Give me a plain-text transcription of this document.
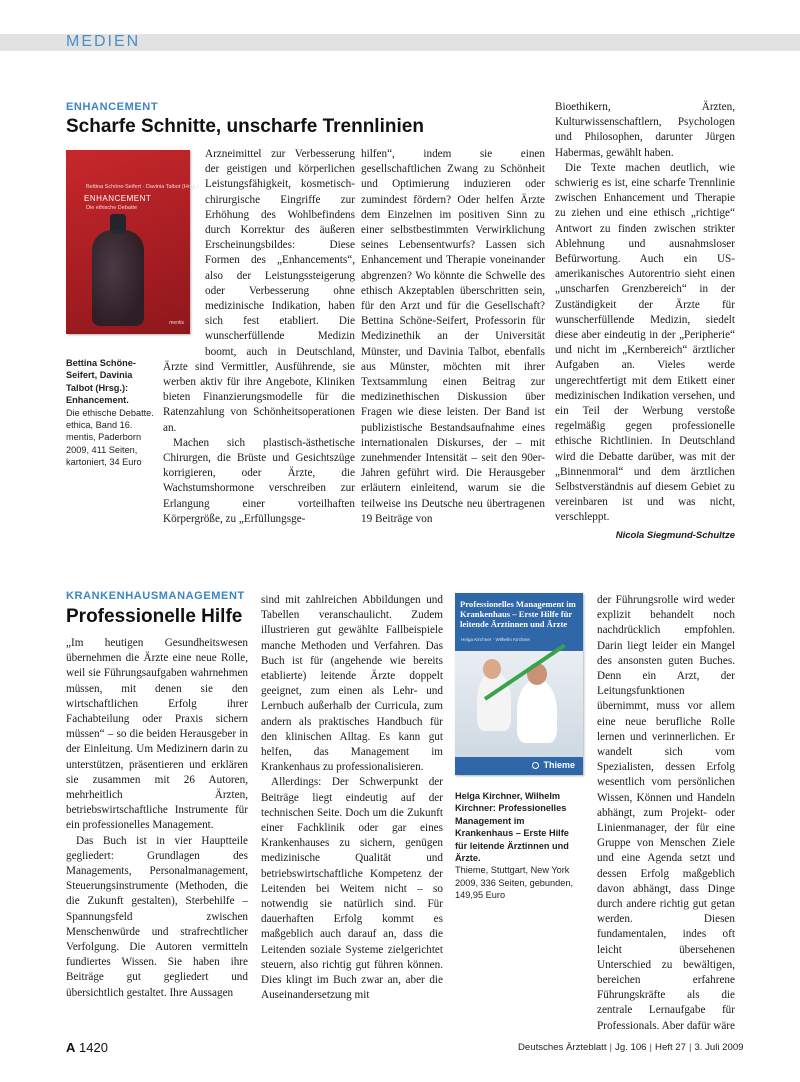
MEDIEN
ENHANCEMENT
Scharfe Schnitte, unscharfe Trennlinien
Bettina Schöne-Seifert · Davinia Talbot (Hrsg.)
ENHANCEMENT
Die ethische Debatte
mentis
Bettina Schöne-Seifert, Davinia Talbot (Hrsg.): Enhancement.
Die ethische Debatte. ethica, Band 16. mentis, Paderborn 2009, 411 Seiten, kartoniert, 34 Euro

Arzneimittel zur Verbesserung der geistigen und körperlichen Leistungsfähigkeit, kosmetisch-chirurgische Eingriffe zur Erhöhung des Wohlbefindens durch Korrektur des äußeren Erscheinungsbildes: Diese Formen des „Enhancements“, also der Leistungssteigerung oder Verbesserung ohne medizinische Indikation, haben sich fest etabliert. Die wunscherfüllende Medizin boomt, auch in Deutschland, Ärzte sind Vermittler, Ausführende, sie werben aktiv für ihre Angebote, Kliniken bieten Finanzierungsmodelle für die Ratenzahlung von Schönheitsoperationen an.

Machen sich plastisch-ästhetische Chirurgen, die Brüste und Gesichtszüge korrigieren, oder Ärzte, die Wachstumshormone verschreiben zur Erlangung einer vorteilhaften Körpergröße, zu „Erfüllungsge-

hilfen“, indem sie einen gesellschaftlichen Zwang zu Schönheit und Optimierung induzieren oder zumindest fördern? Oder helfen Ärzte dem Einzelnen im positiven Sinn zu einer selbstbestimmten Verwirklichung seines Lebensentwurfs? Lassen sich Enhancement und Therapie voneinander abgrenzen? Wo könnte die Schwelle des ethisch Akzeptablen überschritten sein, für den Arzt und für die Gesellschaft? Bettina Schöne-Seifert, Professorin für Medizinethik an der Universität Münster, und Davinia Talbot, ebenfalls aus Münster, möchten mit ihrer Textsammlung einen Beitrag zur medizinethischen Diskussion über Fragen wie diese leisten. Der Band ist publizistische Bestandsaufnahme eines internationalen Diskurses, der – mit zunehmender Intensität – seit den 90er-Jahren geführt wird. Die Herausgeber erläutern einleitend, warum sie die teilweise ins Deutsche neu übertragenen 19 Beiträge von

Bioethikern, Ärzten, Kulturwissenschaftlern, Psychologen und Philosophen, darunter Jürgen Habermas, gewählt haben.

Die Texte machen deutlich, wie schwierig es ist, eine scharfe Trennlinie zwischen Enhancement und Therapie zu ziehen und eine ethisch „richtige“ Antwort zu finden zwischen strikter Ablehnung und ausnahmsloser Befürwortung. Auch ein US-amerikanisches Autorentrio sieht einen „unscharfen Grenzbereich“ in der Zuständigkeit der Ärzte für wunscherfüllende Medizin, siedelt diese aber eindeutig in der „Peripherie“ und nicht im „Kernbereich“ ärztlicher Aufgaben an. Vieles werde ungerechtfertigt mit dem Etikett einer medizinischen Indikation versehen, und ein Teil der Werbung verstoße regelmäßig gegen professionelle ethische Richtlinien. In Deutschland wird die Debatte darüber, was mit der „Binnenmoral“ und dem ärztlichen Selbstverständnis auf diesem Gebiet zu vereinbaren ist und was nicht, verschleppt.

Nicola Siegmund-Schultze
KRANKENHAUSMANAGEMENT
Professionelle Hilfe

„Im heutigen Gesundheitswesen übernehmen die Ärzte eine neue Rolle, weil sie Führungsaufgaben wahrnehmen müssen, mit denen sie den wirtschaftlichen Erfolg ihrer Fachabteilung oder Praxis sichern müssen“ – so die beiden Herausgeber in der Einleitung. Um Medizinern darin zu unterstützen, präsentieren und erklären sie zusammen mit 26 Autoren, mehrheitlich Ärzten, betriebswirtschaftliche Instrumente für ein professionelles Management.

Das Buch ist in vier Hauptteile gegliedert: Grundlagen des Managements, Personalmanagement, Steuerungsinstrumente (Methoden, die die Zukunft gestalten), Sterbehilfe – Spannungsfeld zwischen Menschenwürde und strafrechtlicher Verfolgung. Die Autoren vermitteln fundiertes Wissen. Sie haben ihre Beiträge gut gegliedert und übersichtlich gestaltet. Ihre Aussagen

sind mit zahlreichen Abbildungen und Tabellen veranschaulicht. Zudem illustrieren gut gewählte Fallbeispiele manche Methoden und Verfahren. Das Buch ist für (angehende wie bereits etablierte) leitende Ärzte doppelt geeignet, zum einen als Lehr- und Lernbuch außerhalb der Curricula, zum andern als praktisches Handbuch für den klinischen Alltag. Es kann gut helfen, das Management im Krankenhaus zu professionalisieren.

Allerdings: Der Schwerpunkt der Beiträge liegt eindeutig auf der technischen Seite. Doch um die Zukunft einer Fachklinik oder gar eines Krankenhauses zu sichern, genügen medizinische Qualität und betriebswirtschaftliche Kompetenz der Leitenden bei Weitem nicht – so notwendig sie natürlich sind. Für dauerhaften Erfolg kommt es maßgeblich auch darauf an, dass die Leitenden soziale Systeme zielgerichtet steuern, also richtig gut führen können. Dies klingt im Buch zwar an, aber die Auseinandersetzung mit

Professionelles Management im Krankenhaus – Erste Hilfe für leitende Ärztinnen und Ärzte
Helga Kirchner · Wilhelm Kirchner
Thieme
Helga Kirchner, Wilhelm Kirchner: Professionelles Management im Krankenhaus – Erste Hilfe für leitende Ärztinnen und Ärzte.
Thieme, Stuttgart, New York 2009, 336 Seiten, gebunden, 149,95 Euro

der Führungsrolle wird weder explizit behandelt noch nachdrücklich empfohlen. Darin liegt leider ein Mangel des ansonsten guten Buches. Denn ein Arzt, der Leitungsfunktionen übernimmt, muss vor allem eine neue berufliche Rolle lernen und verinnerlichen. Er wandelt sich vom Spezialisten, dessen Erfolg wesentlich vom persönlichen Wissen, Können und Handeln abhängt, zum Projekt- oder Linienmanager, der für eine Gruppe von Menschen Ziele und eine Agenda setzt und dessen Erfolg maßgeblich davon abhängt, dass Dinge durch andere richtig gut getan werden. Diesen fundamentalen, indes oft leicht übersehenen Unterschied zu bewältigen, bereichen erfahrene Führungskräfte als die zentrale Lernaufgabe für Professionals. Aber dafür wäre

A 1420	Deutsches Ärzteblatt | Jg. 106 | Heft 27 | 3. Juli 2009
